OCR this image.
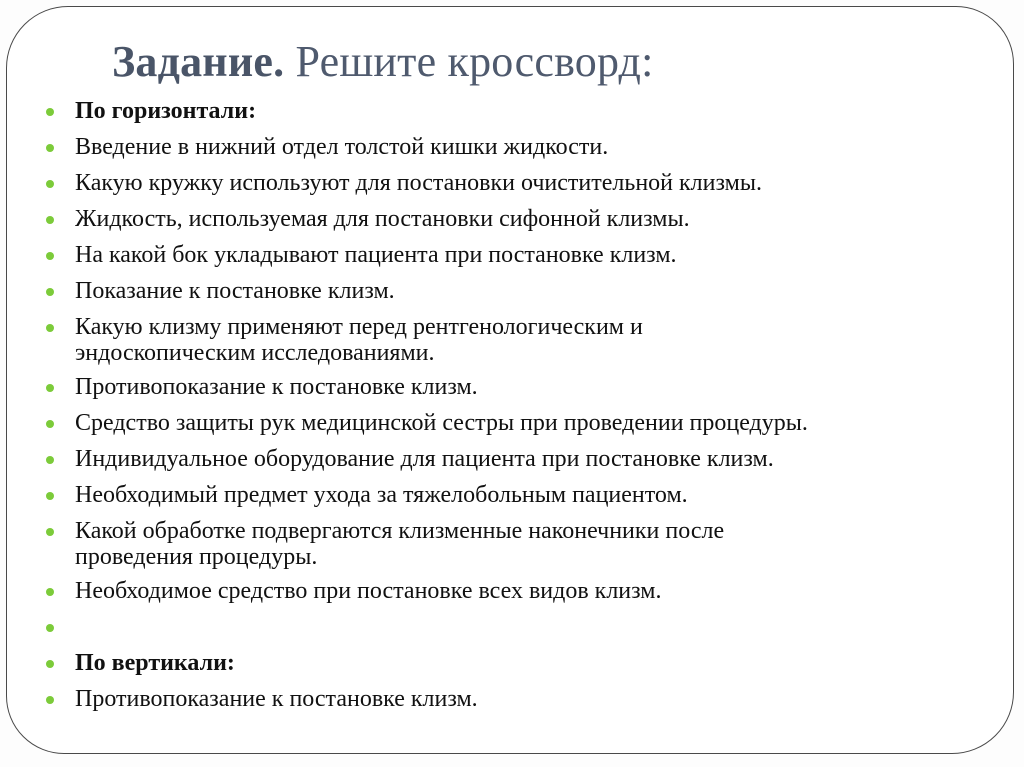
Задание. Решите кроссворд:
По горизонтали:
Введение в нижний отдел толстой кишки жидкости.
Какую кружку используют для постановки очистительной клизмы.
Жидкость, используемая для постановки сифонной клизмы.
На какой бок укладывают пациента при постановке клизм.
Показание к постановке клизм.
Какую клизму применяют перед рентгенологическим и
эндоскопическим исследованиями.
Противопоказание к постановке клизм.
Средство защиты рук медицинской сестры при проведении процедуры.
Индивидуальное оборудование для пациента при постановке клизм.
Необходимый предмет ухода за тяжелобольным пациентом.
Какой обработке подвергаются клизменные наконечники после
проведения процедуры.
Необходимое средство при постановке всех видов клизм.
По вертикали:
Противопоказание к постановке клизм.
